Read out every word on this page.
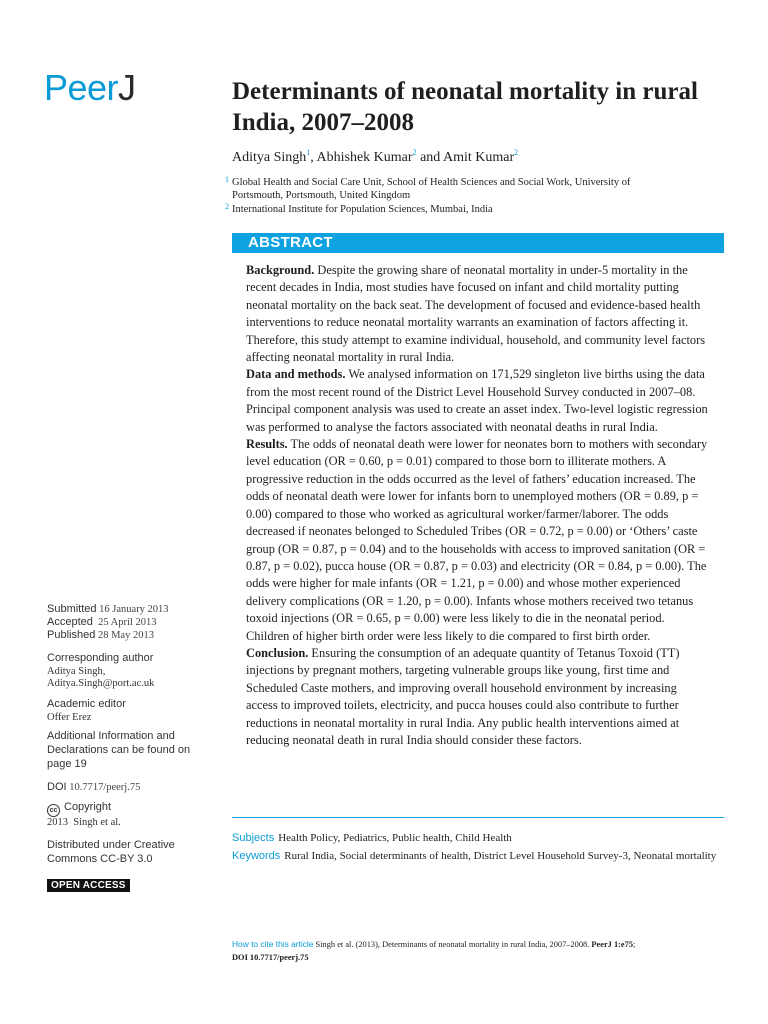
PeerJ	Determinants of neonatal mortality in rural India, 2007–2008
Aditya Singh$^1$, Abhishek Kumar$^2$ and Amit Kumar$^2$
$^1$ Global Health and Social Care Unit, School of Health Sciences and Social Work, University of
Portsmouth, Portsmouth, United Kingdom
$^2$ International Institute for Population Sciences, Mumbai, India
ABSTRACT

Background. Despite the growing share of neonatal mortality in under-5 mortality in the recent decades in India, most studies have focused on infant and child mortality putting neonatal mortality on the back seat. The development of focused and evidence-based health interventions to reduce neonatal mortality warrants an examination of factors affecting it. Therefore, this study attempt to examine individual, household, and community level factors affecting neonatal mortality in rural India.

Data and methods. We analysed information on 171,529 singleton live births using the data from the most recent round of the District Level Household Survey conducted in 2007–08. Principal component analysis was used to create an asset index. Two-level logistic regression was performed to analyse the factors associated with neonatal deaths in rural India.

Results. The odds of neonatal death were lower for neonates born to mothers with secondary level education (OR = 0.60, p = 0.01) compared to those born to illiterate mothers. A progressive reduction in the odds occurred as the level of fathers’ education increased. The odds of neonatal death were lower for infants born to unemployed mothers (OR = 0.89, p = 0.00) compared to those who worked as agricultural worker/farmer/laborer. The odds decreased if neonates belonged to Scheduled Tribes (OR = 0.72, p = 0.00) or ‘Others’ caste group (OR = 0.87, p = 0.04) and to the households with access to improved sanitation (OR = 0.87, p = 0.02), pucca house (OR = 0.87, p = 0.03) and electricity (OR = 0.84, p = 0.00). The odds were higher for male infants (OR = 1.21, p = 0.00) and whose mother experienced delivery complications (OR = 1.20, p = 0.00). Infants whose mothers received two tetanus toxoid injections (OR = 0.65, p = 0.00) were less likely to die in the neonatal period. Children of higher birth order were less likely to die compared to first birth order.

Conclusion. Ensuring the consumption of an adequate quantity of Tetanus Toxoid (TT) injections by pregnant mothers, targeting vulnerable groups like young, first time and Scheduled Caste mothers, and improving overall household environment by increasing access to improved toilets, electricity, and pucca houses could also contribute to further reductions in neonatal mortality in rural India. Any public health interventions aimed at reducing neonatal death in rural India should consider these factors.

Subjects Health Policy, Pediatrics, Public health, Child Health
Keywords Rural India, Social determinants of health, District Level Household Survey-3, Neonatal mortality
Submitted 16 January 2013
Accepted 25 April 2013
Published 28 May 2013
Corresponding author
Aditya Singh,
Aditya.Singh@port.ac.uk
Academic editor
Offer Erez
Additional Information and Declarations can be found on page 19
DOI 10.7717/peerj.75
cc Copyright
2013  Singh et al.
Distributed under Creative Commons CC-BY 3.0
OPEN ACCESS
How to cite this article Singh et al. (2013), Determinants of neonatal mortality in rural India, 2007–2008. PeerJ 1:e75;
DOI 10.7717/peerj.75
